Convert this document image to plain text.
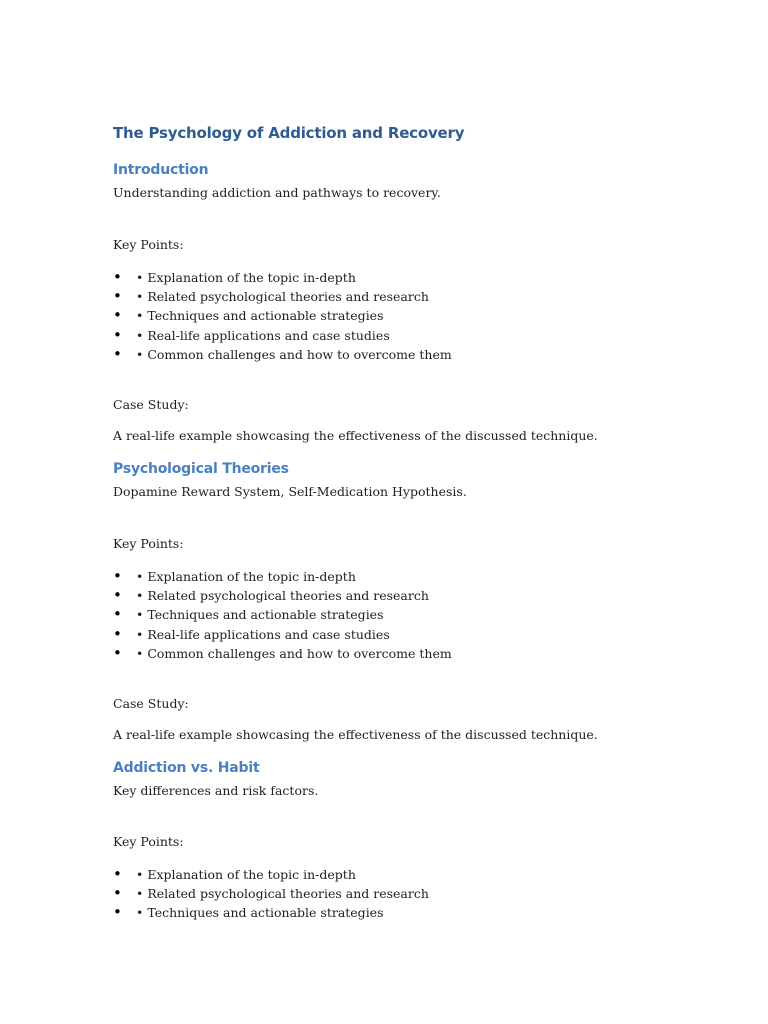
The Psychology of Addiction and Recovery
Introduction

Understanding addiction and pathways to recovery.

Key Points:

• • Explanation of the topic in-depth
• • Related psychological theories and research
• • Techniques and actionable strategies
• • Real-life applications and case studies
• • Common challenges and how to overcome them

Case Study:

A real-life example showcasing the effectiveness of the discussed technique.

Psychological Theories

Dopamine Reward System, Self-Medication Hypothesis.

Key Points:

• • Explanation of the topic in-depth
• • Related psychological theories and research
• • Techniques and actionable strategies
• • Real-life applications and case studies
• • Common challenges and how to overcome them

Case Study:

A real-life example showcasing the effectiveness of the discussed technique.

Addiction vs. Habit

Key differences and risk factors.

Key Points:

• • Explanation of the topic in-depth
• • Related psychological theories and research
• • Techniques and actionable strategies
